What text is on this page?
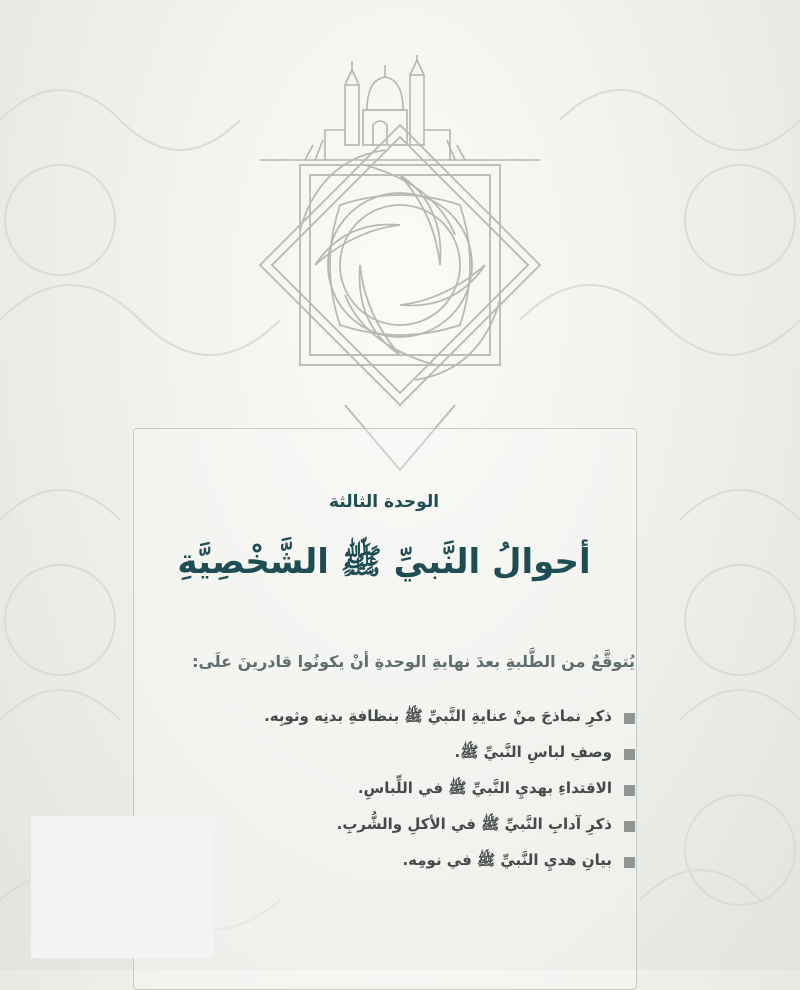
الوحدة الثالثة
أحوالُ النَّبيِّ ﷺ الشَّخْصِيَّةِ
يُتوقَّعُ من الطَّلبةِ بعدَ نهايةِ الوحدةِ أنْ يكونُوا قادرينَ علَى:
ذكرِ نماذجَ منْ عنايةِ النَّبيِّ ﷺ بنظافةِ بدنِه وثوبِه.
وصفِ لباسِ النَّبيِّ ﷺ.
الاقتداءِ بهديِ النَّبيِّ ﷺ في اللِّباسِ.
ذكرِ آدابِ النَّبيِّ ﷺ في الأكلِ والشُّربِ.
بيانِ هديِ النَّبيِّ ﷺ في نومِه.
